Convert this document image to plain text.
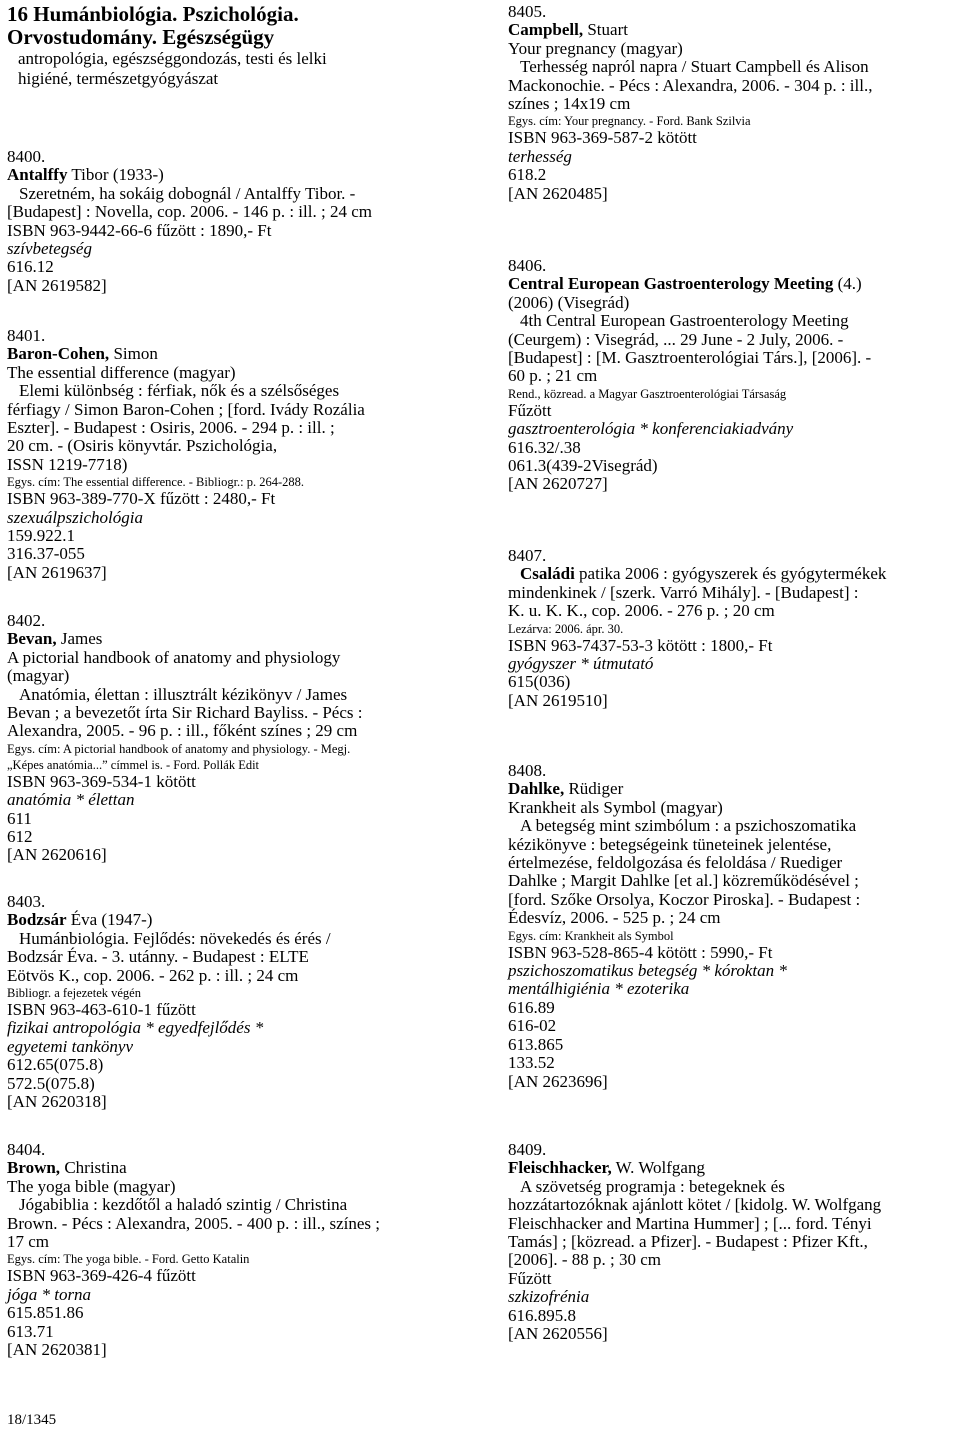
16 Humánbiológia. Pszichológia.
Orvostudomány. Egészségügy
antropológia, egészséggondozás, testi és lelki
higiéné, természetgyógyászat
8400.
Antalffy Tibor (1933-)
Szeretném, ha sokáig dobognál / Antalffy Tibor. -
[Budapest] : Novella, cop. 2006. - 146 p. : ill. ; 24 cm
ISBN 963-9442-66-6 fűzött : 1890,- Ft
szívbetegség
616.12
[AN 2619582]
8401.
Baron-Cohen, Simon
The essential difference (magyar)
Elemi különbség : férfiak, nők és a szélsőséges
férfiagy / Simon Baron-Cohen ; [ford. Ivády Rozália
Eszter]. - Budapest : Osiris, 2006. - 294 p. : ill. ;
20 cm. - (Osiris könyvtár. Pszichológia,
ISSN 1219-7718)
Egys. cím: The essential difference. - Bibliogr.: p. 264-288.
ISBN 963-389-770-X fűzött : 2480,- Ft
szexuálpszichológia
159.922.1
316.37-055
[AN 2619637]
8402.
Bevan, James
A pictorial handbook of anatomy and physiology
(magyar)
Anatómia, élettan : illusztrált kézikönyv / James
Bevan ; a bevezetőt írta Sir Richard Bayliss. - Pécs :
Alexandra, 2005. - 96 p. : ill., főként színes ; 29 cm
Egys. cím: A pictorial handbook of anatomy and physiology. - Megj.
„Képes anatómia...” címmel is. - Ford. Pollák Edit
ISBN 963-369-534-1 kötött
anatómia * élettan
611
612
[AN 2620616]
8403.
Bodzsár Éva (1947-)
Humánbiológia. Fejlődés: növekedés és érés /
Bodzsár Éva. - 3. utánny. - Budapest : ELTE
Eötvös K., cop. 2006. - 262 p. : ill. ; 24 cm
Bibliogr. a fejezetek végén
ISBN 963-463-610-1 fűzött
fizikai antropológia * egyedfejlődés *
egyetemi tankönyv
612.65(075.8)
572.5(075.8)
[AN 2620318]
8404.
Brown, Christina
The yoga bible (magyar)
Jógabiblia : kezdőtől a haladó szintig / Christina
Brown. - Pécs : Alexandra, 2005. - 400 p. : ill., színes ;
17 cm
Egys. cím: The yoga bible. - Ford. Getto Katalin
ISBN 963-369-426-4 fűzött
jóga * torna
615.851.86
613.71
[AN 2620381]
8405.
Campbell, Stuart
Your pregnancy (magyar)
Terhesség napról napra / Stuart Campbell és Alison
Mackonochie. - Pécs : Alexandra, 2006. - 304 p. : ill.,
színes ; 14x19 cm
Egys. cím: Your pregnancy. - Ford. Bank Szilvia
ISBN 963-369-587-2 kötött
terhesség
618.2
[AN 2620485]
8406.
Central European Gastroenterology Meeting (4.)
(2006) (Visegrád)
4th Central European Gastroenterology Meeting
(Ceurgem) : Visegrád, ... 29 June - 2 July, 2006. -
[Budapest] : [M. Gasztroenterológiai Társ.], [2006]. -
60 p. ; 21 cm
Rend., közread. a Magyar Gasztroenterológiai Társaság
Fűzött
gasztroenterológia * konferenciakiadvány
616.32/.38
061.3(439-2Visegrád)
[AN 2620727]
8407.
Családi patika 2006 : gyógyszerek és gyógytermékek
mindenkinek / [szerk. Varró Mihály]. - [Budapest] :
K. u. K. K., cop. 2006. - 276 p. ; 20 cm
Lezárva: 2006. ápr. 30.
ISBN 963-7437-53-3 kötött : 1800,- Ft
gyógyszer * útmutató
615(036)
[AN 2619510]
8408.
Dahlke, Rüdiger
Krankheit als Symbol (magyar)
A betegség mint szimbólum : a pszichoszomatika
kézikönyve : betegségeink tüneteinek jelentése,
értelmezése, feldolgozása és feloldása / Ruediger
Dahlke ; Margit Dahlke [et al.] közreműködésével ;
[ford. Szőke Orsolya, Koczor Piroska]. - Budapest :
Édesvíz, 2006. - 525 p. ; 24 cm
Egys. cím: Krankheit als Symbol
ISBN 963-528-865-4 kötött : 5990,- Ft
pszichoszomatikus betegség * kóroktan *
mentálhigiénia * ezoterika
616.89
616-02
613.865
133.52
[AN 2623696]
8409.
Fleischhacker, W. Wolfgang
A szövetség programja : betegeknek és
hozzátartozóknak ajánlott kötet / [kidolg. W. Wolfgang
Fleischhacker and Martina Hummer] ; [... ford. Tényi
Tamás] ; [közread. a Pfizer]. - Budapest : Pfizer Kft.,
[2006]. - 88 p. ; 30 cm
Fűzött
szkizofrénia
616.895.8
[AN 2620556]
18/1345
